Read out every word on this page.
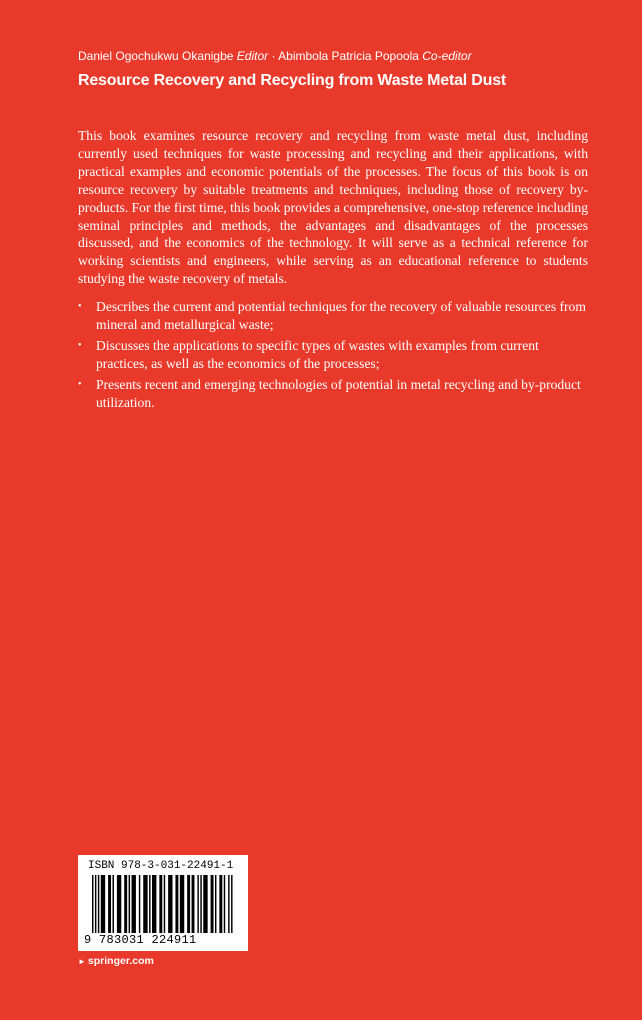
Daniel Ogochukwu Okanigbe Editor · Abimbola Patricia Popoola Co-editor
Resource Recovery and Recycling from Waste Metal Dust

This book examines resource recovery and recycling from waste metal dust, including currently used techniques for waste processing and recycling and their applications, with practical examples and economic potentials of the processes. The focus of this book is on resource recovery by suitable treatments and techniques, including those of recovery by-products. For the first time, this book provides a comprehensive, one-stop reference including seminal principles and methods, the advantages and disadvantages of the processes discussed, and the economics of the technology. It will serve as a technical reference for working scientists and engineers, while serving as an educational reference to students studying the waste recovery of metals.

• Describes the current and potential techniques for the recovery of valuable resources from mineral and metallurgical waste;
• Discusses the applications to specific types of wastes with examples from current practices, as well as the economics of the processes;
• Presents recent and emerging technologies of potential in metal recycling and by-product utilization.
ISBN 978-3-031-22491-1
9 783031 224911
► springer.com
